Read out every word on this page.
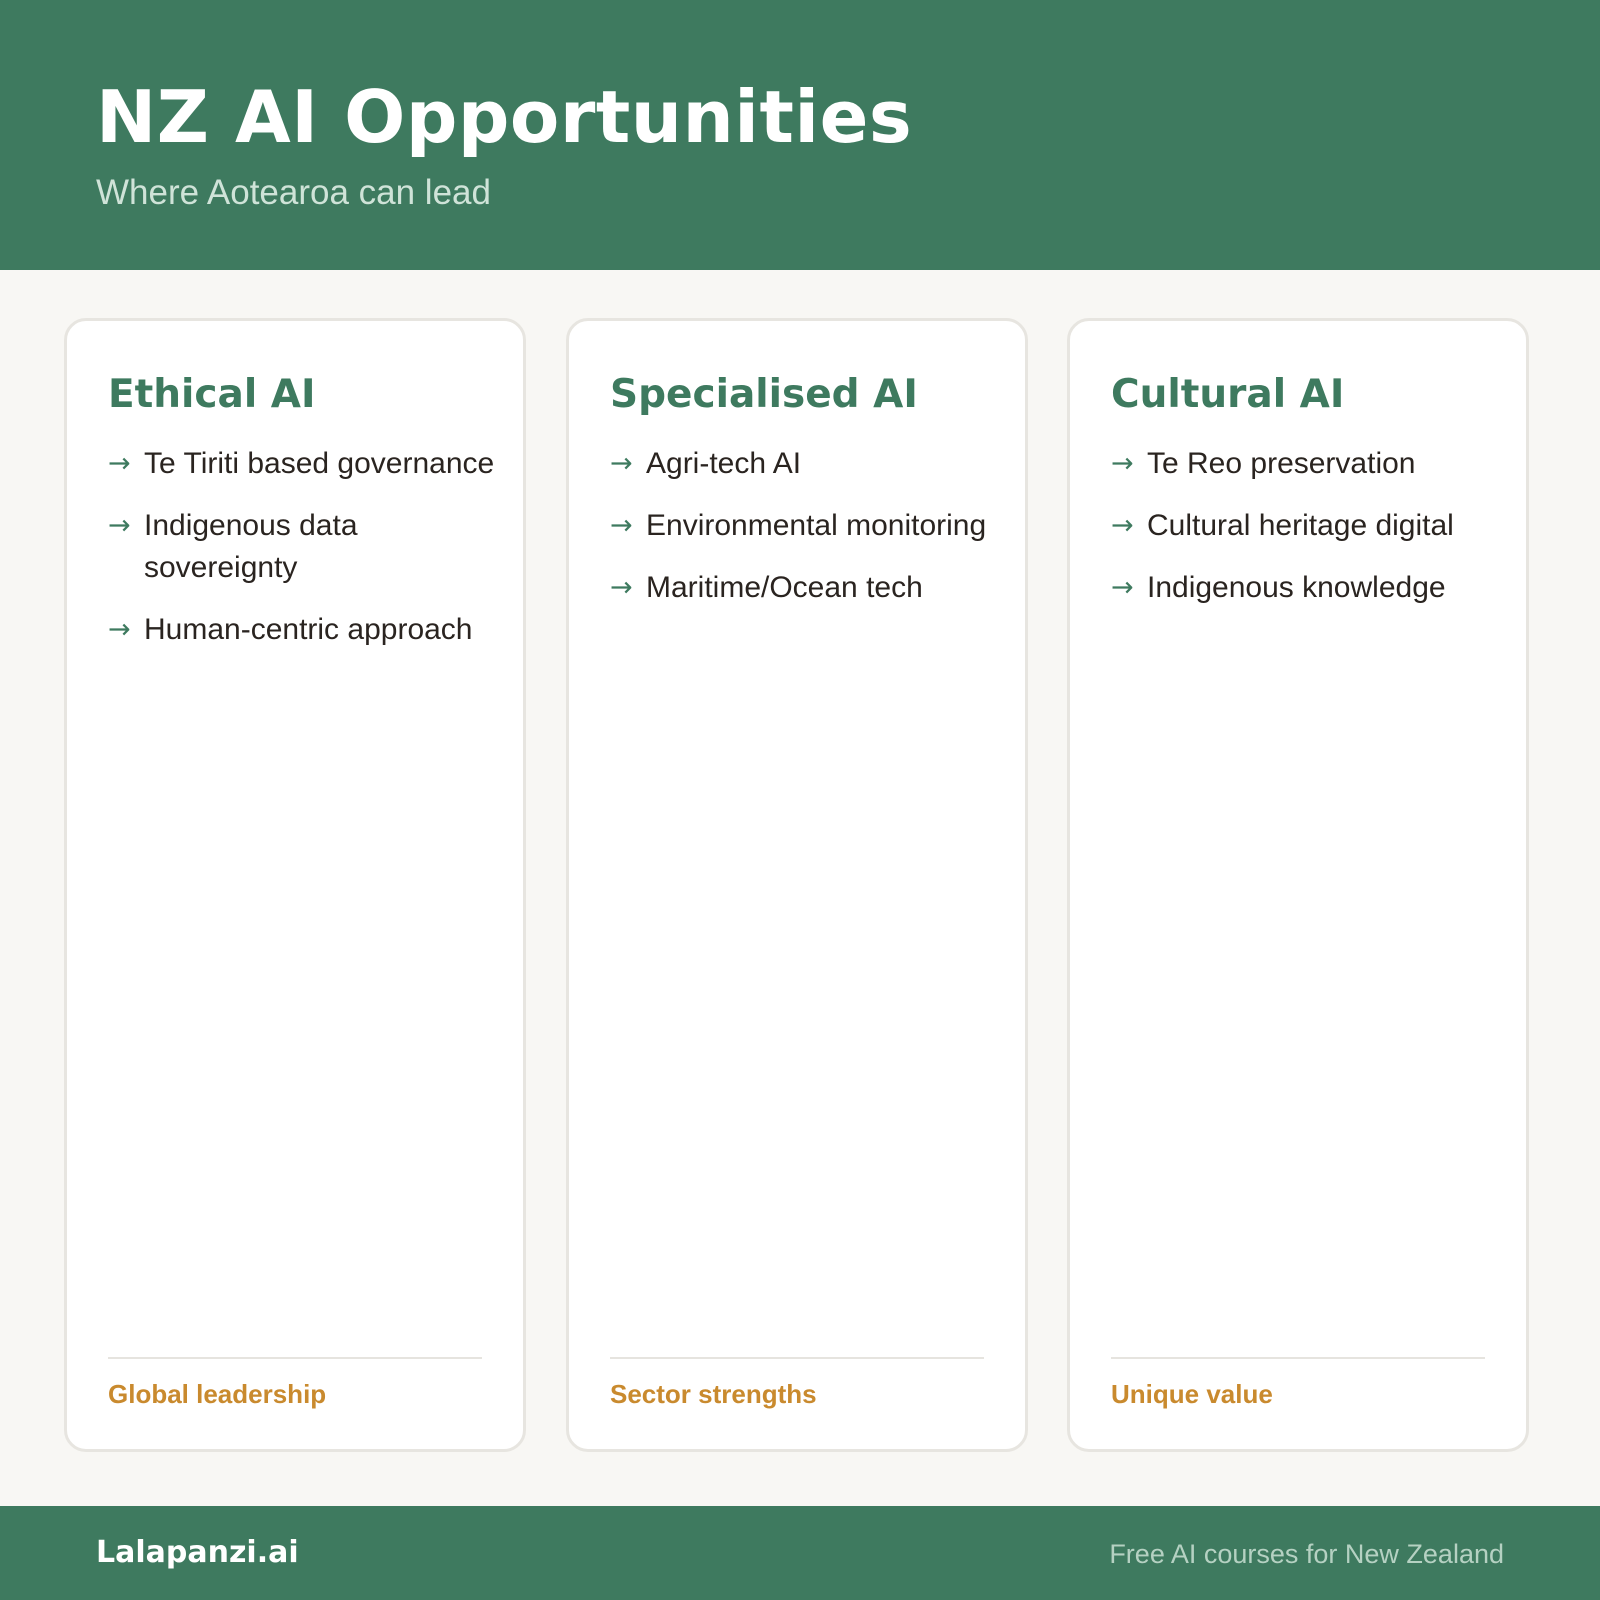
NZ AI Opportunities
Where Aotearoa can lead
Ethical AI
→ Te Tiriti based governance
→ Indigenous data sovereignty
→ Human-centric approach
Global leadership
Specialised AI
→ Agri-tech AI
→ Environmental monitoring
→ Maritime/Ocean tech
Sector strengths
Cultural AI
→ Te Reo preservation
→ Cultural heritage digital
→ Indigenous knowledge
Unique value
Lalapanzi.ai	Free AI courses for New Zealand
